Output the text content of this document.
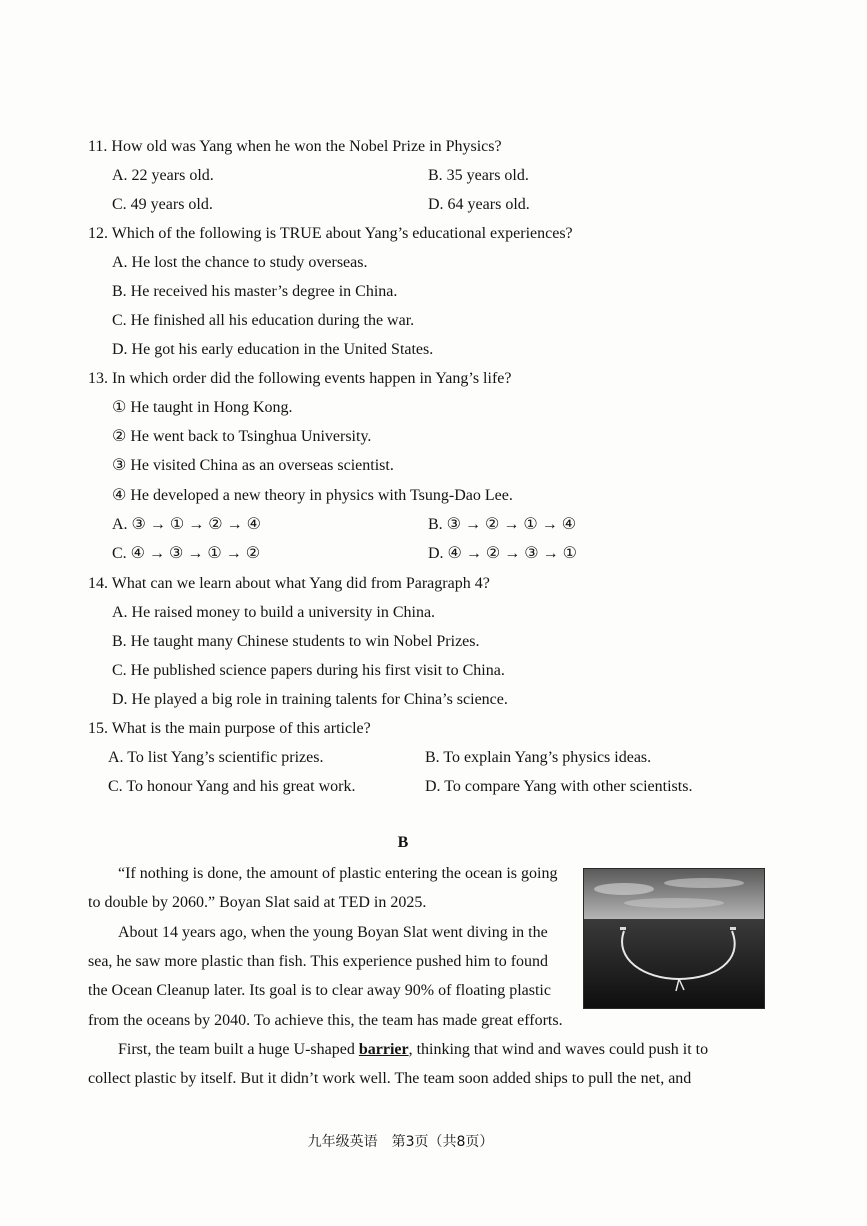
11. How old was Yang when he won the Nobel Prize in Physics?
A. 22 years old.	B. 35 years old.
C. 49 years old.	D. 64 years old.
12. Which of the following is TRUE about Yang’s educational experiences?
A. He lost the chance to study overseas.
B. He received his master’s degree in China.
C. He finished all his education during the war.
D. He got his early education in the United States.
13. In which order did the following events happen in Yang’s life?
① He taught in Hong Kong.
② He went back to Tsinghua University.
③ He visited China as an overseas scientist.
④ He developed a new theory in physics with Tsung-Dao Lee.
A. ③ → ① → ② → ④	B. ③ → ② → ① → ④
C. ④ → ③ → ① → ②	D. ④ → ② → ③ → ①
14. What can we learn about what Yang did from Paragraph 4?
A. He raised money to build a university in China.
B. He taught many Chinese students to win Nobel Prizes.
C. He published science papers during his first visit to China.
D. He played a big role in training talents for China’s science.
15. What is the main purpose of this article?
A. To list Yang’s scientific prizes.	B. To explain Yang’s physics ideas.
C. To honour Yang and his great work.	D. To compare Yang with other scientists.
B
“If nothing is done, the amount of plastic entering the ocean is going
to double by 2060.” Boyan Slat said at TED in 2025.
About 14 years ago, when the young Boyan Slat went diving in the
sea, he saw more plastic than fish. This experience pushed him to found
the Ocean Cleanup later. Its goal is to clear away 90% of floating plastic
from the oceans by 2040. To achieve this, the team has made great efforts.
First, the team built a huge U-shaped barrier, thinking that wind and waves could push it to
collect plastic by itself. But it didn’t work well. The team soon added ships to pull the net, and
九年级英语　第3页（共8页）
